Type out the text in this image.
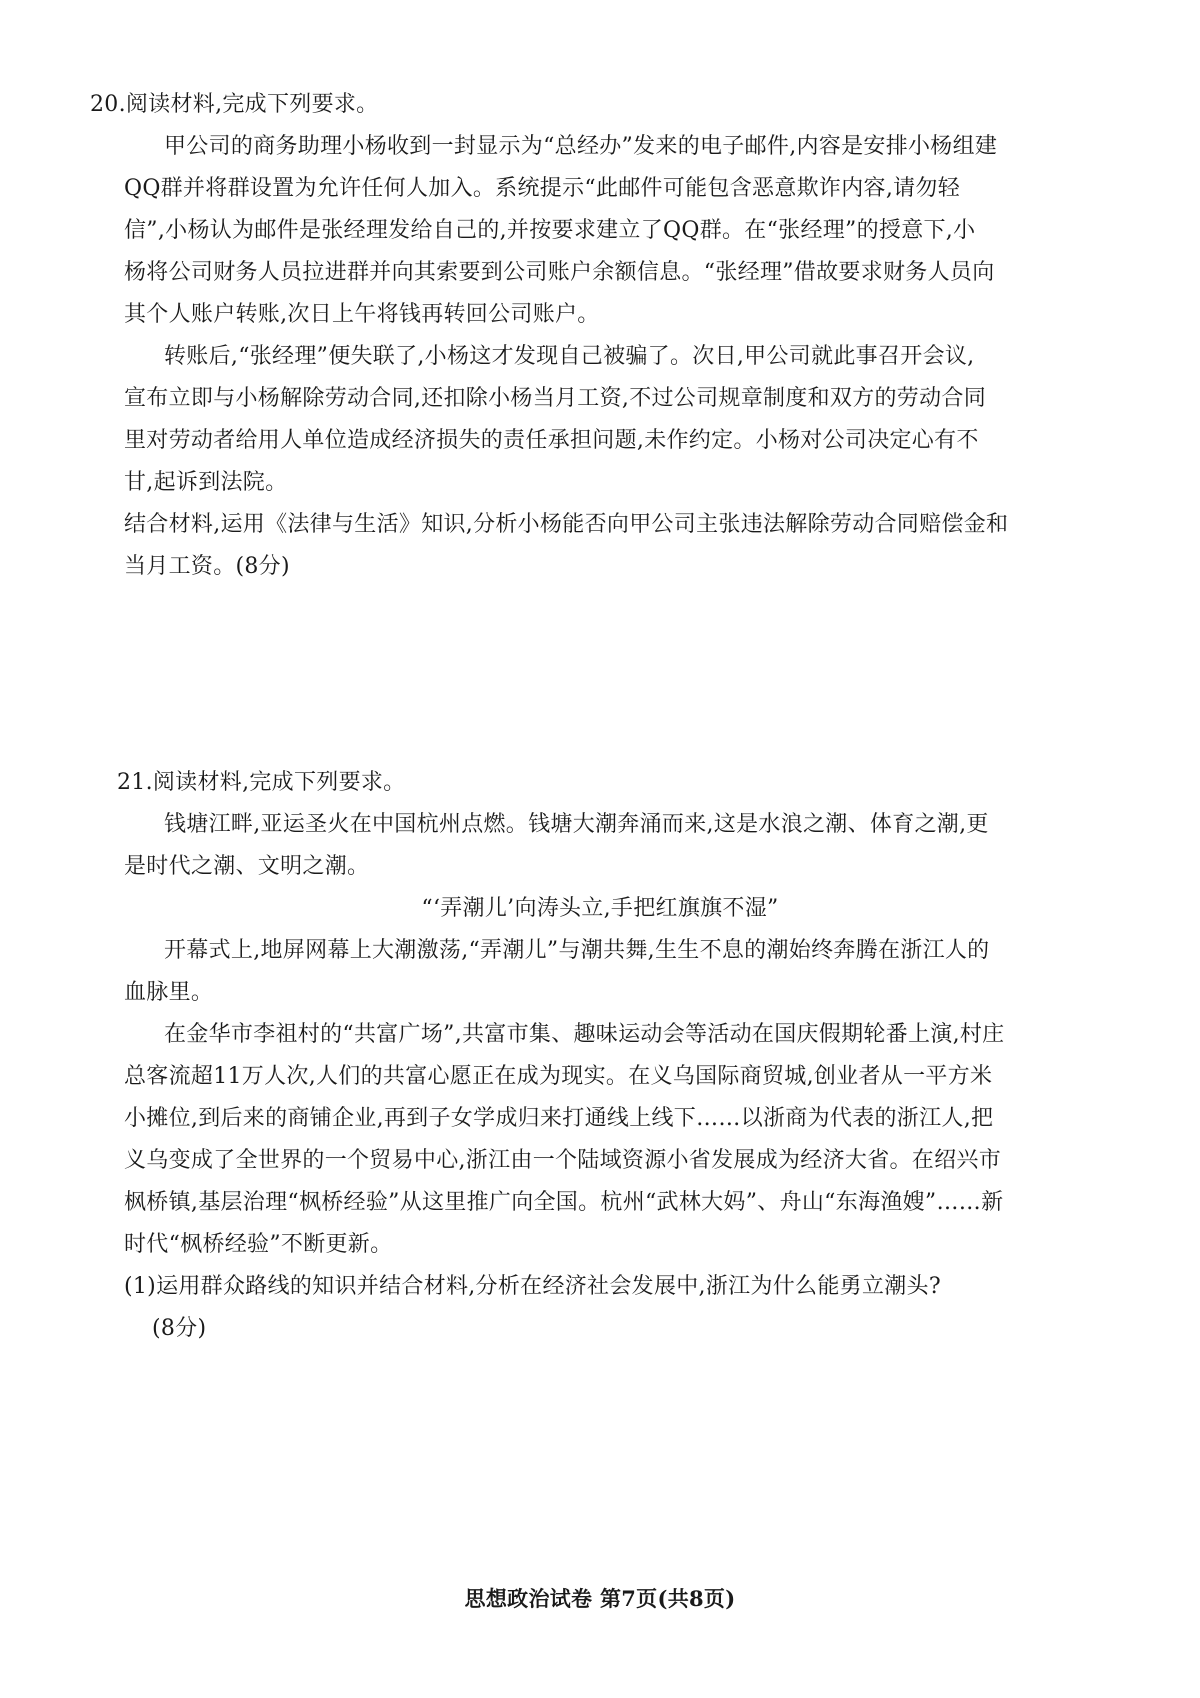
20.阅读材料,完成下列要求。
甲公司的商务助理小杨收到一封显示为“总经办”发来的电子邮件,内容是安排小杨组建
QQ群并将群设置为允许任何人加入。系统提示“此邮件可能包含恶意欺诈内容,请勿轻
信”,小杨认为邮件是张经理发给自己的,并按要求建立了QQ群。在“张经理”的授意下,小
杨将公司财务人员拉进群并向其索要到公司账户余额信息。“张经理”借故要求财务人员向
其个人账户转账,次日上午将钱再转回公司账户。
转账后,“张经理”便失联了,小杨这才发现自己被骗了。次日,甲公司就此事召开会议,
宣布立即与小杨解除劳动合同,还扣除小杨当月工资,不过公司规章制度和双方的劳动合同
里对劳动者给用人单位造成经济损失的责任承担问题,未作约定。小杨对公司决定心有不
甘,起诉到法院。
结合材料,运用《法律与生活》知识,分析小杨能否向甲公司主张违法解除劳动合同赔偿金和
当月工资。(8分)
21.阅读材料,完成下列要求。
钱塘江畔,亚运圣火在中国杭州点燃。钱塘大潮奔涌而来,这是水浪之潮、体育之潮,更
是时代之潮、文明之潮。
“‘弄潮儿’向涛头立,手把红旗旗不湿”
开幕式上,地屏网幕上大潮激荡,“弄潮儿”与潮共舞,生生不息的潮始终奔腾在浙江人的
血脉里。
在金华市李祖村的“共富广场”,共富市集、趣味运动会等活动在国庆假期轮番上演,村庄
总客流超11万人次,人们的共富心愿正在成为现实。在义乌国际商贸城,创业者从一平方米
小摊位,到后来的商铺企业,再到子女学成归来打通线上线下……以浙商为代表的浙江人,把
义乌变成了全世界的一个贸易中心,浙江由一个陆域资源小省发展成为经济大省。在绍兴市
枫桥镇,基层治理“枫桥经验”从这里推广向全国。杭州“武林大妈”、舟山“东海渔嫂”……新
时代“枫桥经验”不断更新。
(1)运用群众路线的知识并结合材料,分析在经济社会发展中,浙江为什么能勇立潮头?
(8分)
思想政治试卷 第7页(共8页)
